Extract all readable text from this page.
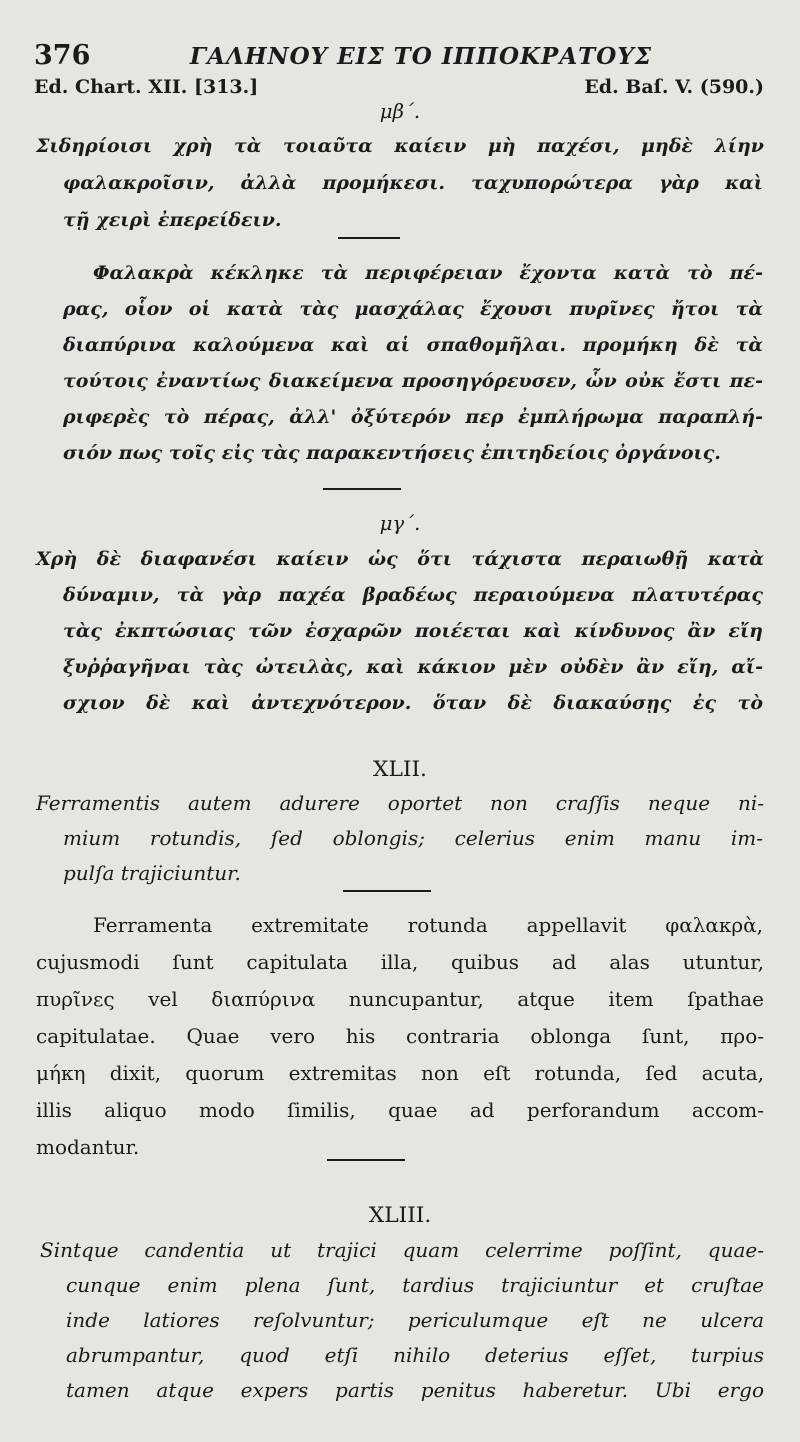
376	ΓΑΛΗΝΟΥ ΕΙΣ ΤΟ ΙΠΠΟΚΡΑΤΟΥΣ
Ed. Chart. XII. [313.]	Ed. Baſ. V. (590.)
μβ΄.
Σιδηρίοισι χρὴ τὰ τοιαῦτα καίειν μὴ παχέσι, μηδὲ λίην
φαλακροῖσιν, ἀλλὰ προμήκεσι. ταχυπορώτερα γὰρ καὶ
τῇ χειρὶ ἐπερείδειν.
Φαλακρὰ κέκληκε τὰ περιφέρειαν ἔχοντα κατὰ τὸ πέ-
ρας, οἷον οἱ κατὰ τὰς μασχάλας ἔχουσι πυρῖνες ἤτοι τὰ
διαπύρινα καλούμενα καὶ αἱ σπαθομῆλαι. προμήκη δὲ τὰ
τούτοις ἐναντίως διακείμενα προσηγόρευσεν, ὧν οὐκ ἔστι πε-
ριφερὲς τὸ πέρας, ἀλλ' ὀξύτερόν περ ἐμπλήρωμα παραπλή-
σιόν πως τοῖς εἰς τὰς παρακεντήσεις ἐπιτηδείοις ὀργάνοις.
μγ΄.
Χρὴ δὲ διαφανέσι καίειν ὡς ὅτι τάχιστα περαιωθῇ κατὰ
δύναμιν, τὰ γὰρ παχέα βραδέως περαιούμενα πλατυτέρας
τὰς ἐκπτώσιας τῶν ἐσχαρῶν ποιέεται καὶ κίνδυνος ἂν εἴη
ξυῤῥαγῆναι τὰς ὠτειλὰς, καὶ κάκιον μὲν οὐδὲν ἂν εἴη, αἴ-
σχιον δὲ καὶ ἀντεχνότερον. ὅταν δὲ διακαύσῃς ἐς τὸ
XLII.
Ferramentis autem adurere oportet non craſſis neque ni-
mium rotundis, ſed oblongis; celerius enim manu im-
pulſa trajiciuntur.
Ferramenta extremitate rotunda appellavit φαλακρὰ,
cujusmodi ſunt capitulata illa, quibus ad alas utuntur,
πυρῖνες vel διαπύρινα nuncupantur, atque item ſpathae
capitulatae. Quae vero his contraria oblonga ſunt, προ-
μήκη dixit, quorum extremitas non eſt rotunda, ſed acuta,
illis aliquo modo ſimilis, quae ad perforandum accom-
modantur.
XLIII.
Sintque candentia ut trajici quam celerrime poſſint, quae-
cunque enim plena ſunt, tardius trajiciuntur et cruſtae
inde latiores reſolvuntur; periculumque eſt ne ulcera
abrumpantur, quod etſi nihilo deterius eſſet, turpius
tamen atque expers partis penitus haberetur. Ubi ergo
